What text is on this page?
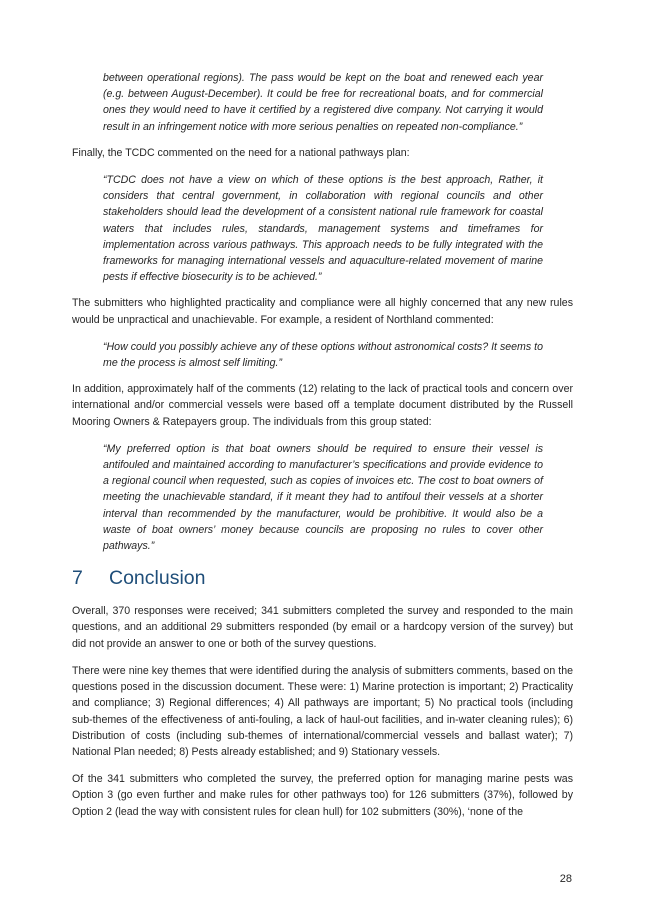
between operational regions). The pass would be kept on the boat and renewed each year (e.g. between August-December). It could be free for recreational boats, and for commercial ones they would need to have it certified by a registered dive company. Not carrying it would result in an infringement notice with more serious penalties on repeated non-compliance.”

Finally, the TCDC commented on the need for a national pathways plan:

“TCDC does not have a view on which of these options is the best approach, Rather, it considers that central government, in collaboration with regional councils and other stakeholders should lead the development of a consistent national rule framework for coastal waters that includes rules, standards, management systems and timeframes for implementation across various pathways. This approach needs to be fully integrated with the frameworks for managing international vessels and aquaculture-related movement of marine pests if effective biosecurity is to be achieved.”

The submitters who highlighted practicality and compliance were all highly concerned that any new rules would be unpractical and unachievable. For example, a resident of Northland commented:

“How could you possibly achieve any of these options without astronomical costs? It seems to me the process is almost self limiting.”

In addition, approximately half of the comments (12) relating to the lack of practical tools and concern over international and/or commercial vessels were based off a template document distributed by the Russell Mooring Owners & Ratepayers group. The individuals from this group stated:

“My preferred option is that boat owners should be required to ensure their vessel is antifouled and maintained according to manufacturer’s specifications and provide evidence to a regional council when requested, such as copies of invoices etc. The cost to boat owners of meeting the unachievable standard, if it meant they had to antifoul their vessels at a shorter interval than recommended by the manufacturer, would be prohibitive. It would also be a waste of boat owners’ money because councils are proposing no rules to cover other pathways.”

7	Conclusion

Overall, 370 responses were received; 341 submitters completed the survey and responded to the main questions, and an additional 29 submitters responded (by email or a hardcopy version of the survey) but did not provide an answer to one or both of the survey questions.

There were nine key themes that were identified during the analysis of submitters comments, based on the questions posed in the discussion document. These were: 1) Marine protection is important; 2) Practicality and compliance; 3) Regional differences; 4) All pathways are important; 5) No practical tools (including sub-themes of the effectiveness of anti-fouling, a lack of haul-out facilities, and in-water cleaning rules); 6) Distribution of costs (including sub-themes of international/commercial vessels and ballast water); 7) National Plan needed; 8) Pests already established; and 9) Stationary vessels.

Of the 341 submitters who completed the survey, the preferred option for managing marine pests was Option 3 (go even further and make rules for other pathways too) for 126 submitters (37%), followed by Option 2 (lead the way with consistent rules for clean hull) for 102 submitters (30%), ‘none of the

28
